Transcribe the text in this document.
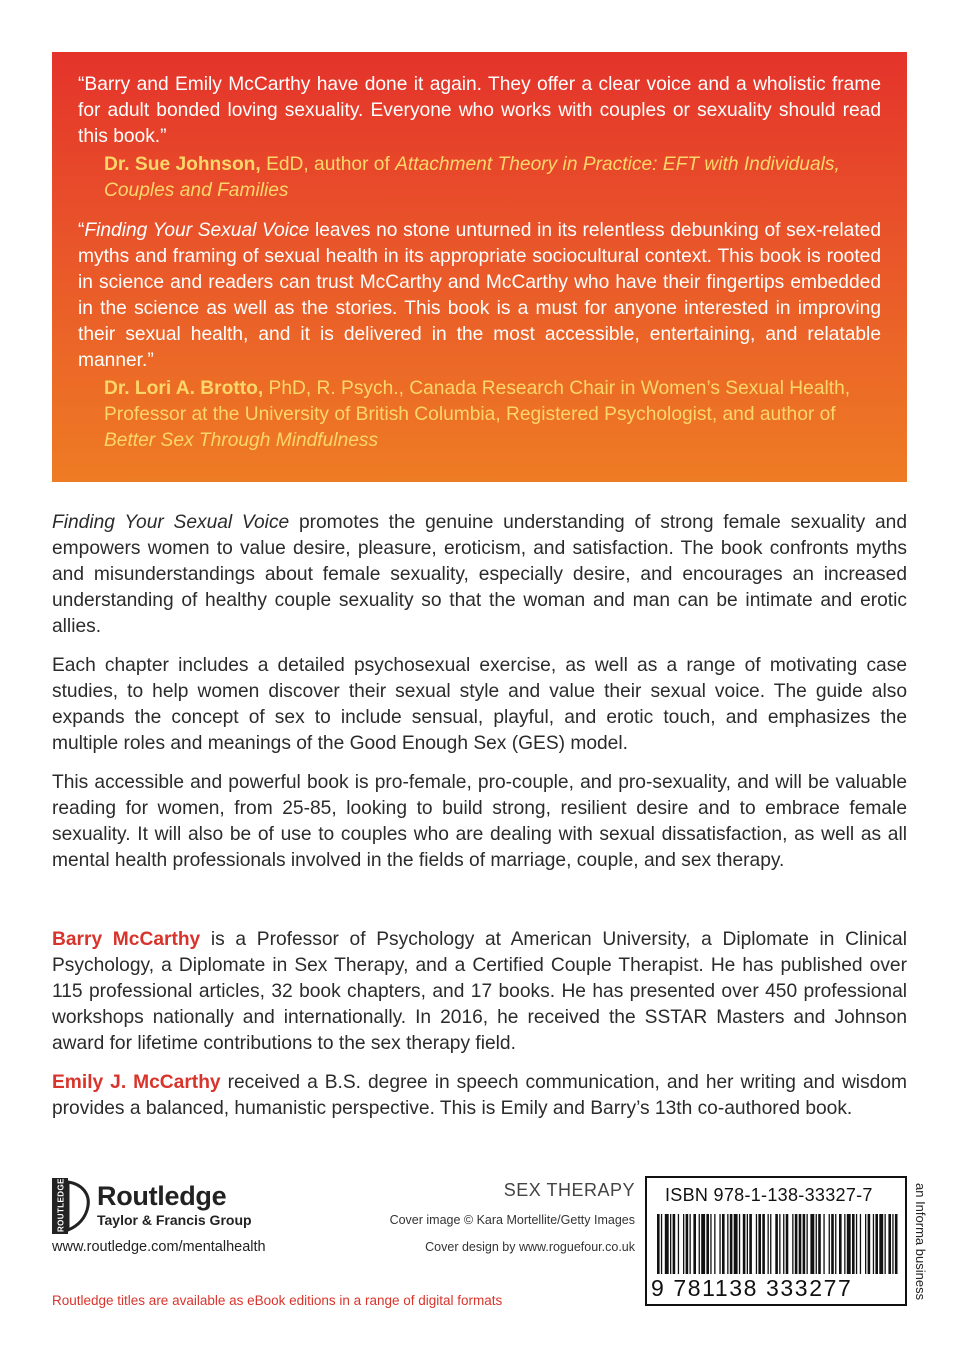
“Barry and Emily McCarthy have done it again. They offer a clear voice and a wholistic frame for adult bonded loving sexuality. Everyone who works with couples or sexuality should read this book.”

Dr. Sue Johnson, EdD, author of Attachment Theory in Practice: EFT with Individuals, Couples and Families

“Finding Your Sexual Voice leaves no stone unturned in its relentless debunking of sex-related myths and framing of sexual health in its appropriate sociocultural context. This book is rooted in science and readers can trust McCarthy and McCarthy who have their fingertips embedded in the science as well as the stories. This book is a must for anyone interested in improving their sexual health, and it is delivered in the most accessible, entertaining, and relatable manner.”

Dr. Lori A. Brotto, PhD, R. Psych., Canada Research Chair in Women’s Sexual Health, Professor at the University of British Columbia, Registered Psychologist, and author of Better Sex Through Mindfulness

Finding Your Sexual Voice promotes the genuine understanding of strong female sexuality and empowers women to value desire, pleasure, eroticism, and satisfaction. The book confronts myths and misunderstandings about female sexuality, especially desire, and encourages an increased understanding of healthy couple sexuality so that the woman and man can be intimate and erotic allies.

Each chapter includes a detailed psychosexual exercise, as well as a range of motivating case studies, to help women discover their sexual style and value their sexual voice. The guide also expands the concept of sex to include sensual, playful, and erotic touch, and emphasizes the multiple roles and meanings of the Good Enough Sex (GES) model.

This accessible and powerful book is pro-female, pro-couple, and pro-sexuality, and will be valuable reading for women, from 25-85, looking to build strong, resilient desire and to embrace female sexuality. It will also be of use to couples who are dealing with sexual dissatisfaction, as well as all mental health professionals involved in the fields of marriage, couple, and sex therapy.

Barry McCarthy is a Professor of Psychology at American University, a Diplomate in Clinical Psychology, a Diplomate in Sex Therapy, and a Certified Couple Therapist. He has published over 115 professional articles, 32 book chapters, and 17 books. He has presented over 450 professional workshops nationally and internationally. In 2016, he received the SSTAR Masters and Johnson award for lifetime contributions to the sex therapy field.

Emily J. McCarthy received a B.S. degree in speech communication, and her writing and wisdom provides a balanced, humanistic perspective. This is Emily and Barry’s 13th co-authored book.

ROUTLEDGE Routledge
Taylor & Francis Group
www.routledge.com/mentalhealth
Routledge titles are available as eBook editions in a range of digital formats
SEX THERAPY
Cover image © Kara Mortellite/Getty Images
Cover design by www.roguefour.co.uk
ISBN 978-1-138-33327-7
9 781138 333277	an Informa business
